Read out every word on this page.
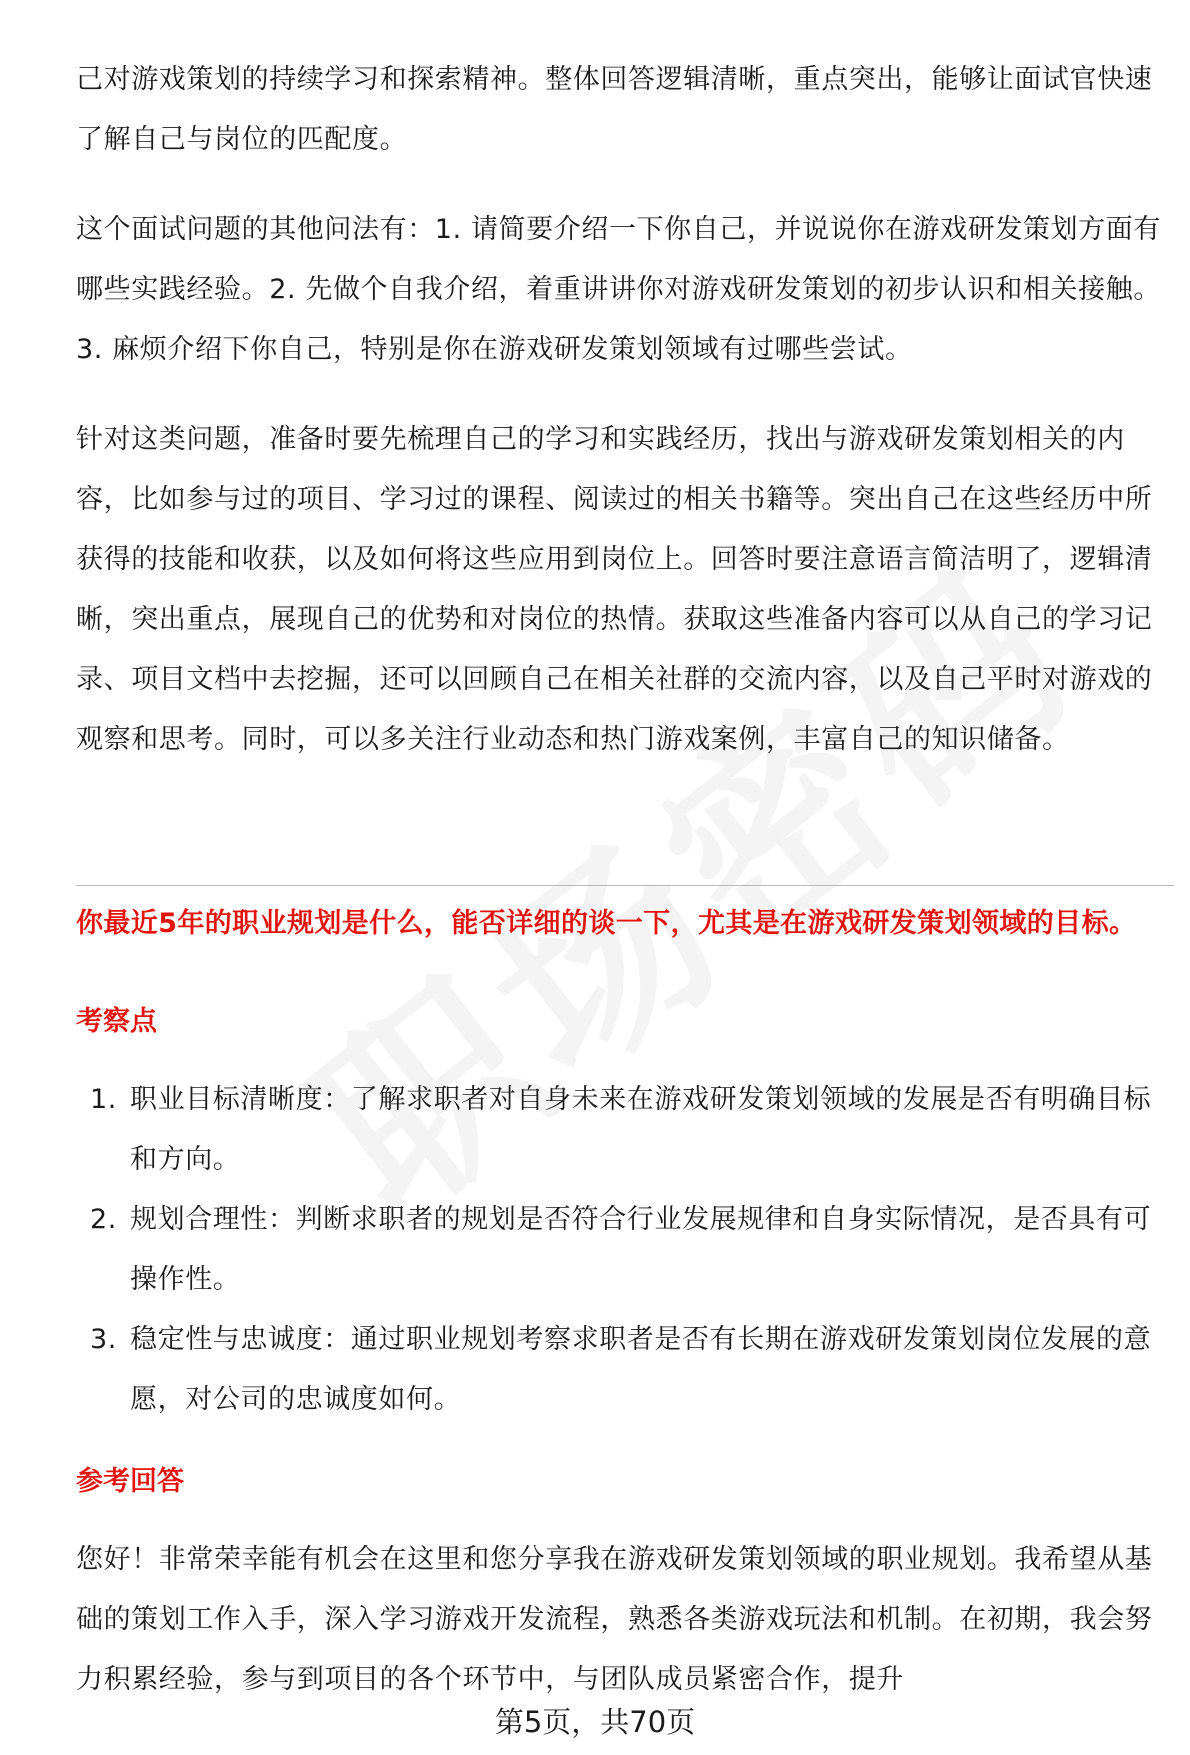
己对游戏策划的持续学习和探索精神。整体回答逻辑清晰，重点突出，能够让面试官快速了解自己与岗位的匹配度。

这个面试问题的其他问法有：1. 请简要介绍一下你自己，并说说你在游戏研发策划方面有哪些实践经验。2. 先做个自我介绍，着重讲讲你对游戏研发策划的初步认识和相关接触。3. 麻烦介绍下你自己，特别是你在游戏研发策划领域有过哪些尝试。

针对这类问题，准备时要先梳理自己的学习和实践经历，找出与游戏研发策划相关的内容，比如参与过的项目、学习过的课程、阅读过的相关书籍等。突出自己在这些经历中所获得的技能和收获，以及如何将这些应用到岗位上。回答时要注意语言简洁明了，逻辑清晰，突出重点，展现自己的优势和对岗位的热情。获取这些准备内容可以从自己的学习记录、项目文档中去挖掘，还可以回顾自己在相关社群的交流内容，以及自己平时对游戏的观察和思考。同时，可以多关注行业动态和热门游戏案例，丰富自己的知识储备。

你最近5年的职业规划是什么，能否详细的谈一下，尤其是在游戏研发策划领域的目标。

考察点

1. 职业目标清晰度：了解求职者对自身未来在游戏研发策划领域的发展是否有明确目标和方向。
2. 规划合理性：判断求职者的规划是否符合行业发展规律和自身实际情况，是否具有可操作性。
3. 稳定性与忠诚度：通过职业规划考察求职者是否有长期在游戏研发策划岗位发展的意愿，对公司的忠诚度如何。

参考回答

您好！非常荣幸能有机会在这里和您分享我在游戏研发策划领域的职业规划。我希望从基础的策划工作入手，深入学习游戏开发流程，熟悉各类游戏玩法和机制。在初期，我会努力积累经验，参与到项目的各个环节中，与团队成员紧密合作，提升

第5页，共70页
